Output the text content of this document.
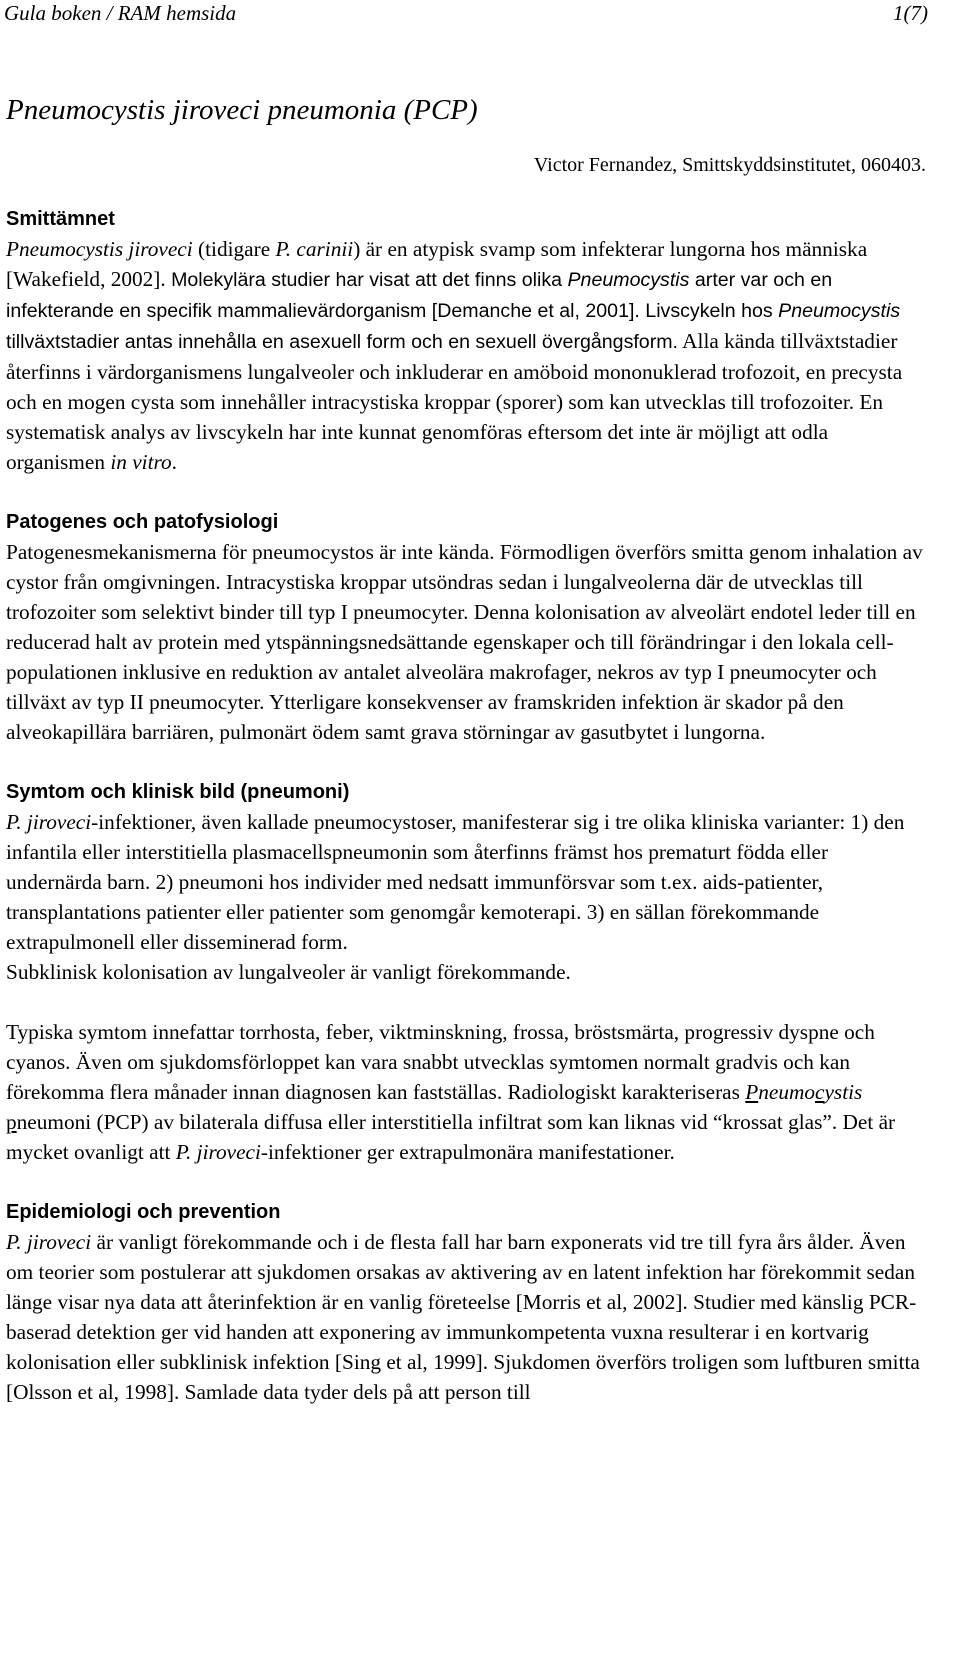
Gula boken / RAM hemsida	1(7)
Pneumocystis jiroveci pneumonia (PCP)
Victor Fernandez, Smittskyddsinstitutet, 060403.
Smittämnet
Pneumocystis jiroveci (tidigare P. carinii) är en atypisk svamp som infekterar lungorna hos människa [Wakefield, 2002]. Molekylära studier har visat att det finns olika Pneumocystis arter var och en infekterande en specifik mammalievärdorganism [Demanche et al, 2001]. Livscykeln hos Pneumocystis tillväxtstadier antas innehålla en asexuell form och en sexuell övergångsform. Alla kända tillväxtstadier återfinns i värdorganismens lungalveoler och inkluderar en amöboid mononuklerad trofozoit, en precysta och en mogen cysta som innehåller intracystiska kroppar (sporer) som kan utvecklas till trofozoiter. En systematisk analys av livscykeln har inte kunnat genomföras eftersom det inte är möjligt att odla organismen in vitro.
Patogenes och patofysiologi
Patogenesmekanismerna för pneumocystos är inte kända. Förmodligen överförs smitta genom inhalation av cystor från omgivningen. Intracystiska kroppar utsöndras sedan i lungalveolerna där de utvecklas till trofozoiter som selektivt binder till typ I pneumocyter. Denna kolonisation av alveolärt endotel leder till en reducerad halt av protein med ytspänningsnedsättande egenskaper och till förändringar i den lokala cell-populationen inklusive en reduktion av antalet alveolära makrofager, nekros av typ I pneumocyter och tillväxt av typ II pneumocyter. Ytterligare konsekvenser av framskriden infektion är skador på den alveokapillära barriären, pulmonärt ödem samt grava störningar av gasutbytet i lungorna.
Symtom och klinisk bild (pneumoni)
P. jiroveci-infektioner, även kallade pneumocystoser, manifesterar sig i tre olika kliniska varianter: 1) den infantila eller interstitiella plasmacellspneumonin som återfinns främst hos prematurt födda eller undernärda barn. 2) pneumoni hos individer med nedsatt immunförsvar som t.ex. aids-patienter, transplantations patienter eller patienter som genomgår kemoterapi. 3) en sällan förekommande extrapulmonell eller disseminerad form.
Subklinisk kolonisation av lungalveoler är vanligt förekommande.
Typiska symtom innefattar torrhosta, feber, viktminskning, frossa, bröstsmärta, progressiv dyspne och cyanos. Även om sjukdomsförloppet kan vara snabbt utvecklas symtomen normalt gradvis och kan förekomma flera månader innan diagnosen kan fastställas. Radiologiskt karakteriseras Pneumocystis pneumoni (PCP) av bilaterala diffusa eller interstitiella infiltrat som kan liknas vid “krossat glas”. Det är mycket ovanligt att P. jiroveci-infektioner ger extrapulmonära manifestationer.
Epidemiologi och prevention
P. jiroveci är vanligt förekommande och i de flesta fall har barn exponerats vid tre till fyra års ålder. Även om teorier som postulerar att sjukdomen orsakas av aktivering av en latent infektion har förekommit sedan länge visar nya data att återinfektion är en vanlig företeelse [Morris et al, 2002]. Studier med känslig PCR-baserad detektion ger vid handen att exponering av immunkompetenta vuxna resulterar i en kortvarig kolonisation eller subklinisk infektion [Sing et al, 1999]. Sjukdomen överförs troligen som luftburen smitta [Olsson et al, 1998]. Samlade data tyder dels på att person till
